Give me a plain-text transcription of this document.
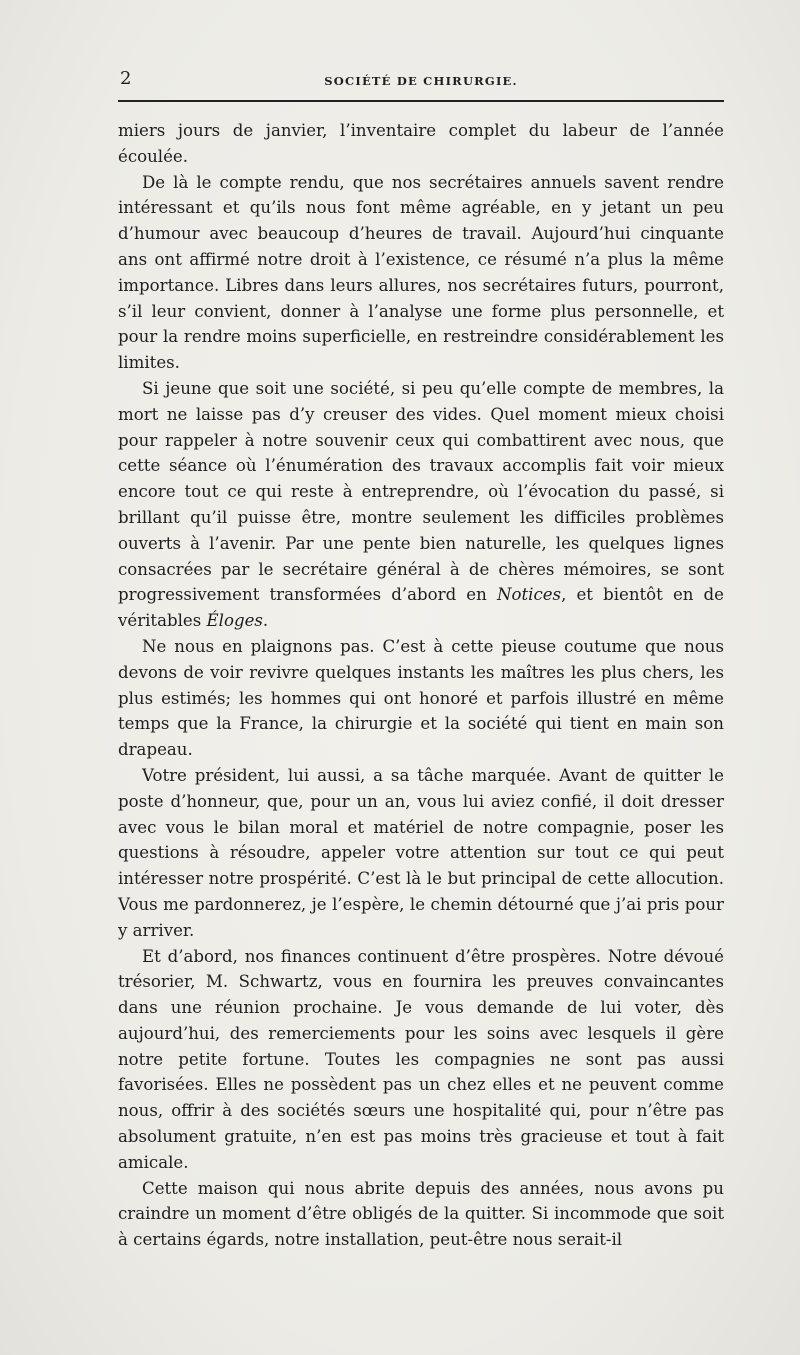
2	SOCIÉTÉ DE CHIRURGIE.

miers jours de janvier, l’inventaire complet du labeur de l’année écoulée.

De là le compte rendu, que nos secrétaires annuels savent rendre intéressant et qu’ils nous font même agréable, en y jetant un peu d’humour avec beaucoup d’heures de travail. Aujourd’hui cinquante ans ont affirmé notre droit à l’existence, ce résumé n’a plus la même importance. Libres dans leurs allures, nos secrétaires futurs, pourront, s’il leur convient, donner à l’analyse une forme plus personnelle, et pour la rendre moins superficielle, en restreindre considérablement les limites.

Si jeune que soit une société, si peu qu’elle compte de membres, la mort ne laisse pas d’y creuser des vides. Quel moment mieux choisi pour rappeler à notre souvenir ceux qui combattirent avec nous, que cette séance où l’énumération des travaux accomplis fait voir mieux encore tout ce qui reste à entreprendre, où l’évocation du passé, si brillant qu’il puisse être, montre seulement les difficiles problèmes ouverts à l’avenir. Par une pente bien naturelle, les quelques lignes consacrées par le secrétaire général à de chères mémoires, se sont progressivement transformées d’abord en Notices, et bientôt en de véritables Éloges.

Ne nous en plaignons pas. C’est à cette pieuse coutume que nous devons de voir revivre quelques instants les maîtres les plus chers, les plus estimés; les hommes qui ont honoré et parfois illustré en même temps que la France, la chirurgie et la société qui tient en main son drapeau.

Votre président, lui aussi, a sa tâche marquée. Avant de quitter le poste d’honneur, que, pour un an, vous lui aviez confié, il doit dresser avec vous le bilan moral et matériel de notre compagnie, poser les questions à résoudre, appeler votre attention sur tout ce qui peut intéresser notre prospérité. C’est là le but principal de cette allocution. Vous me pardonnerez, je l’espère, le chemin détourné que j’ai pris pour y arriver.

Et d’abord, nos finances continuent d’être prospères. Notre dévoué trésorier, M. Schwartz, vous en fournira les preuves convaincantes dans une réunion prochaine. Je vous demande de lui voter, dès aujourd’hui, des remerciements pour les soins avec lesquels il gère notre petite fortune. Toutes les compagnies ne sont pas aussi favorisées. Elles ne possèdent pas un chez elles et ne peuvent comme nous, offrir à des sociétés sœurs une hospitalité qui, pour n’être pas absolument gratuite, n’en est pas moins très gracieuse et tout à fait amicale.

Cette maison qui nous abrite depuis des années, nous avons pu craindre un moment d’être obligés de la quitter. Si incommode que soit à certains égards, notre installation, peut-être nous serait-il
